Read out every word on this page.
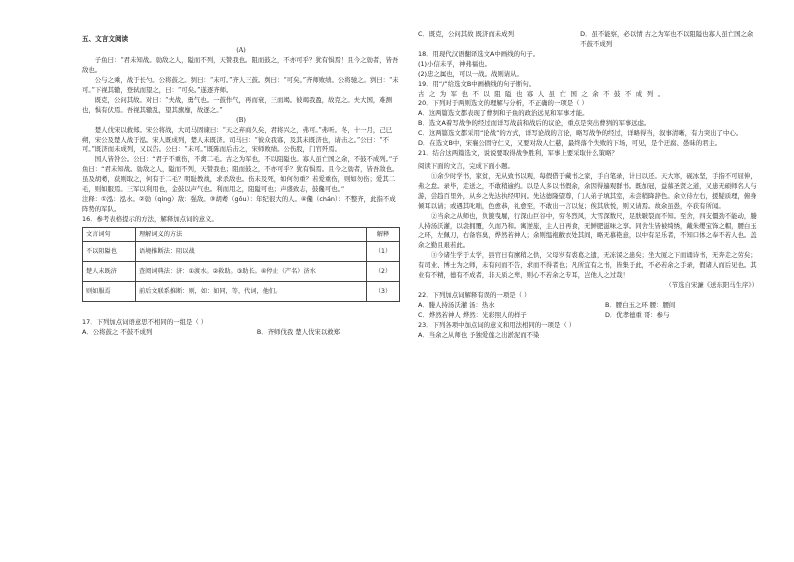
五、文言文阅读
(A)

子鱼曰：“君未知战。勍敌之人，隘而不列，天赞我也。阻而鼓之，不亦可乎？犹有惧焉！且今之勍者，皆吾敌也。

公与之乘，战于长勺。公将鼓之。刿曰：“未可。”齐人三鼓。刿曰：“可矣。”齐师败绩。公将驰之。刿曰：“未可。”下视其辙，登轼而望之，曰：“可矣。”遂逐齐师。

既克，公问其故。对曰：“夫战，勇气也。一鼓作气，再而衰，三而竭。彼竭我盈，故克之。夫大国，难测也，惧有伏焉。吾视其辙乱，望其旗靡，故逐之。”

(B)

楚人伐宋以救郑。宋公将战，大司马固谏曰：“天之弃商久矣，君将兴之，弗可。”弗听。冬，十一月，己巳朔，宋公及楚人战于泓。宋人既成列，楚人未既济。司马曰：“彼众我寡，及其未既济也，请击之。”公曰：“不可。”既济而未成列，又以告。公曰：“未可。”既陈而后击之，宋师败绩。公伤股，门官歼焉。

国人皆咎公。公曰：“君子不重伤，不禽二毛。古之为军也，不以阻隘也。寡人虽亡国之余，不鼓不成列。”子鱼曰：“君未知战。勍敌之人，隘而不列，天赞我也；阻而鼓之，不亦可乎？犹有惧焉。且今之勍者，皆吾敌也。虽及胡耇，获则取之，何有于二毛？明耻教战，求杀敌也。伤未及死，如何勿重？若爱重伤，则如勿伤；爱其二毛，则如服焉。三军以利用也，金鼓以声气也。利而用之，阻隘可也；声盛致志，鼓儳可也。”

注释：①泓：泓水。②勍（qíng）敌：强敌。③胡耇（gǒu）：年纪很大的人。④儳（chán）：不整齐，此指不成阵势的军队。

16．参考表格提示的方法，解释加点词的意义。

文言词句	理解词义的方法	解释
不以阻隘也	语境推断法：阻以战	（1）
楚人未既济	查阅词典法：济：①渡水。②救助。③助长。④停止（产名）济水	（2）
则如服焉	前后文联系推断：则，如：如同，等，代词，他们。	（3）

17．下列加点词语意思不相同的一组是（ ）

A．公将鼓之 不鼓不成列	B．齐师伐我 楚人伐宋以救郑
C．既克，公问其故 既济而未成列	D．虽不能察，必以情 古之为军也不以阻隘也寡人虽亡国之余不鼓不成列

18．用现代汉语翻译选文A中画线的句子。

(1)小信未孚，神弗福也。

(2)忠之属也，可以一战。战则请从。

19．用“/”给选文B中画横线的句子断句。

古之为军也不以阻隘也寡人虽亡国之余不鼓不成列。

20．下列对于两则选文的理解与分析，不正确的一项是（ ）

A．这两篇选文都表现了曹刿和子鱼的政治远见和军事才能。

B．选文A着写战争的经过而详写战前和战后的议论，重点是突出曹刿的军事远虑。

C．这两篇选文都采用“论战”的方式，详写论战的言论，略写战争的经过，详略得当，叙事清晰，有力突出了中心。

D．在选文B中，宋襄公固守仁义，又要对敌人仁慈，最终落个失败的下场，可见，是个迂腐、愚昧的君主。

21．结合这两篇选文，说说要取得战争胜利，军事上要采取什么策略？

阅读下面的文言，完成下面小题。

①余少时学书，家贫，无从致书以观，每假借于藏书之家，手自笔录，计日以还。天大寒，砚冰坚，手指不可屈伸，弗之怠。录毕，走送之，不敢稍逾约。以是人多以书假余，余因得遍观群书。既加冠，益慕圣贤之道，又患无硕师名人与游，尝趋百里外，从乡之先达执经叩问。先达德隆望尊，门人弟子填其室，未尝稍降辞色。余立侍左右，援疑质理，俯身倾耳以请；或遇其叱咄，色愈恭，礼愈至，不敢出一言以复；俟其欣悦，则又请焉。故余虽愚，卒获有所闻。

②当余之从师也，负箧曳屣，行深山巨谷中，穷冬烈风，大雪深数尺，足肤皲裂而不知。至舍，四支僵劲不能动，媵人持汤沃灌，以衾拥覆，久而乃和。寓逆旅，主人日再食，无鲜肥滋味之享。同舍生皆被绮绣，戴朱缨宝饰之帽，腰白玉之环，左佩刀，右备容臭，烨然若神人；余则缊袍敝衣处其间，略无慕艳意，以中有足乐者，不知口体之奉不若人也。盖余之勤且艰若此。

③今诸生学于太学，县官日有廪稍之供，父母岁有裘葛之遗，无冻馁之患矣；坐大厦之下而诵诗书，无奔走之劳矣；有司业、博士为之师，未有问而不告，求而不得者也；凡所宜有之书，皆集于此，不必若余之手录，假诸人而后见也。其业有不精，德有不成者，非天质之卑，则心不若余之专耳，岂他人之过哉！

（节选自宋濂《送东阳马生序》）

22．下列加点词解释有误的一项是（ ）

A．媵人持汤沃灌 汤：热水	B．腰白玉之环 腰：腰间
C．烨然若神人 烨然：光彩照人的样子	D．优孝德重 哥：参与

23．下列各项中加点词的意义和用法相同的一项是（ ）

A．当余之从师也 予独爱莲之出淤泥而不染
